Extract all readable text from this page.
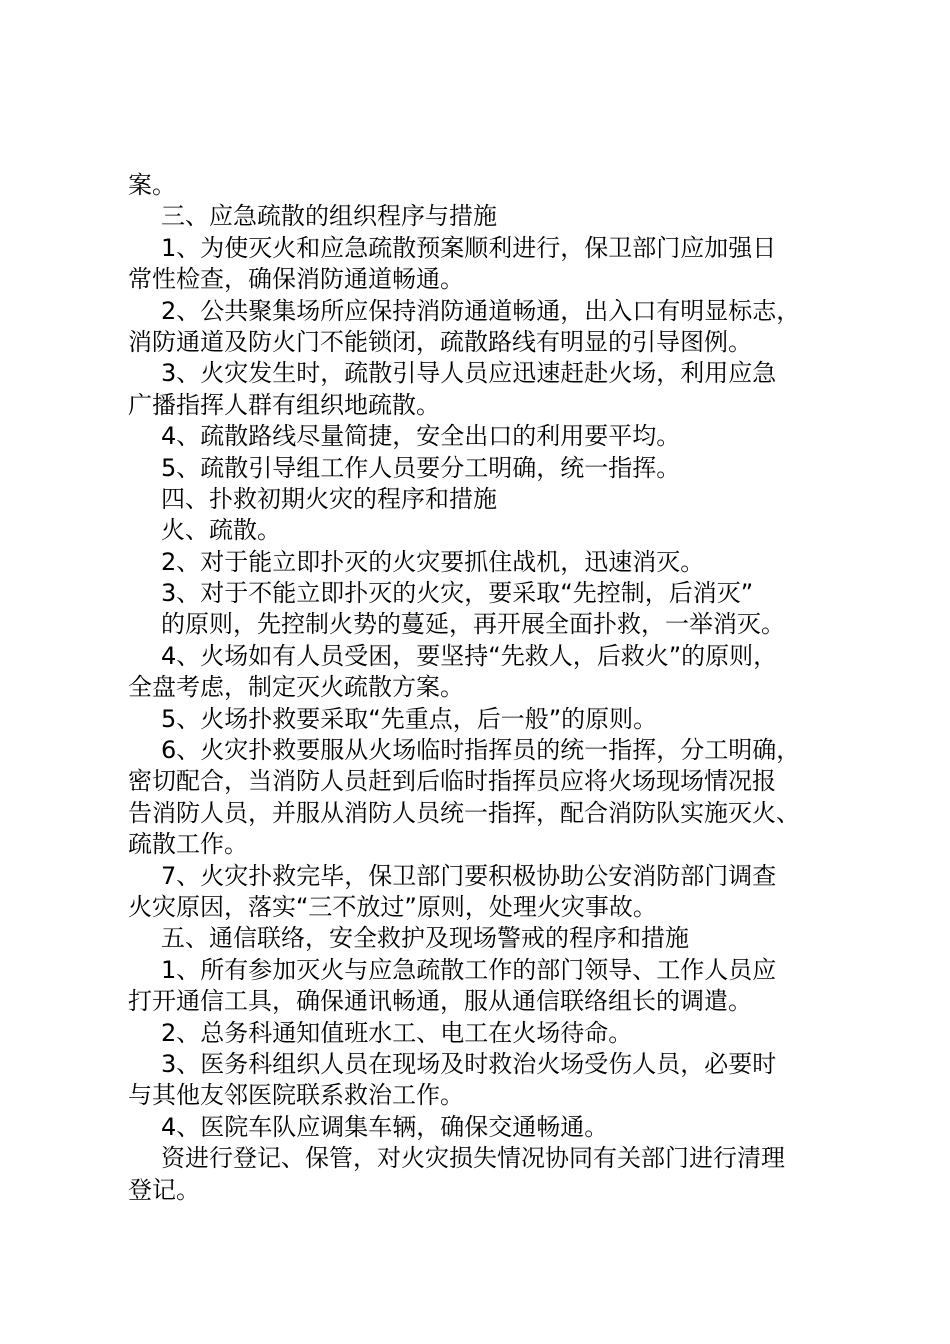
案。
三、应急疏散的组织程序与措施
1、为使灭火和应急疏散预案顺利进行，保卫部门应加强日
常性检查，确保消防通道畅通。
2、公共聚集场所应保持消防通道畅通，出入口有明显标志，
消防通道及防火门不能锁闭，疏散路线有明显的引导图例。
3、火灾发生时，疏散引导人员应迅速赶赴火场，利用应急
广播指挥人群有组织地疏散。
4、疏散路线尽量简捷，安全出口的利用要平均。
5、疏散引导组工作人员要分工明确，统一指挥。
四、扑救初期火灾的程序和措施
火、疏散。
2、对于能立即扑灭的火灾要抓住战机，迅速消灭。
3、对于不能立即扑灭的火灾，要采取“先控制，后消灭”
的原则，先控制火势的蔓延，再开展全面扑救，一举消灭。
4、火场如有人员受困，要坚持“先救人，后救火”的原则，
全盘考虑，制定灭火疏散方案。
5、火场扑救要采取“先重点，后一般”的原则。
6、火灾扑救要服从火场临时指挥员的统一指挥，分工明确，
密切配合，当消防人员赶到后临时指挥员应将火场现场情况报
告消防人员，并服从消防人员统一指挥，配合消防队实施灭火、
疏散工作。
7、火灾扑救完毕，保卫部门要积极协助公安消防部门调查
火灾原因，落实“三不放过”原则，处理火灾事故。
五、通信联络，安全救护及现场警戒的程序和措施
1、所有参加灭火与应急疏散工作的部门领导、工作人员应
打开通信工具，确保通讯畅通，服从通信联络组长的调遣。
2、总务科通知值班水工、电工在火场待命。
3、医务科组织人员在现场及时救治火场受伤人员，必要时
与其他友邻医院联系救治工作。
4、医院车队应调集车辆，确保交通畅通。
资进行登记、保管，对火灾损失情况协同有关部门进行清理
登记。
